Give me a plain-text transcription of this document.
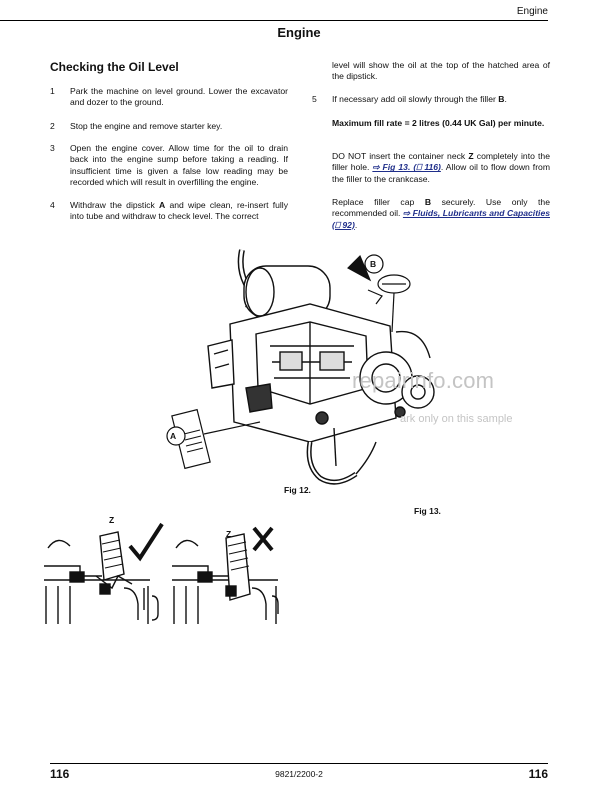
Engine
Engine
Checking the Oil Level
1 Park the machine on level ground. Lower the excavator and dozer to the ground.
2 Stop the engine and remove starter key.
3 Open the engine cover. Allow time for the oil to drain back into the engine sump before taking a reading. If insufficient time is given a false low reading may be recorded which will result in overfilling the engine.
4 Withdraw the dipstick A and wipe clean, re-insert fully into tube and withdraw to check level. The correct
level will show the oil at the top of the hatched area of the dipstick.
5 If necessary add oil slowly through the filler B.
Maximum fill rate = 2 litres (0.44 UK Gal) per minute.
DO NOT insert the container neck Z completely into the filler hole. ⇨ Fig 13. (⎕ 116). Allow oil to flow down from the filler to the crankcase.
Replace filler cap B securely. Use only the recommended oil. ⇨ Fluids, Lubricants and Capacities (⎕ 92).
A
B
repairinfo.com
ark only on this sample
Fig 12.
Fig 13.
Z
Z
116	9821/2200-2	116
